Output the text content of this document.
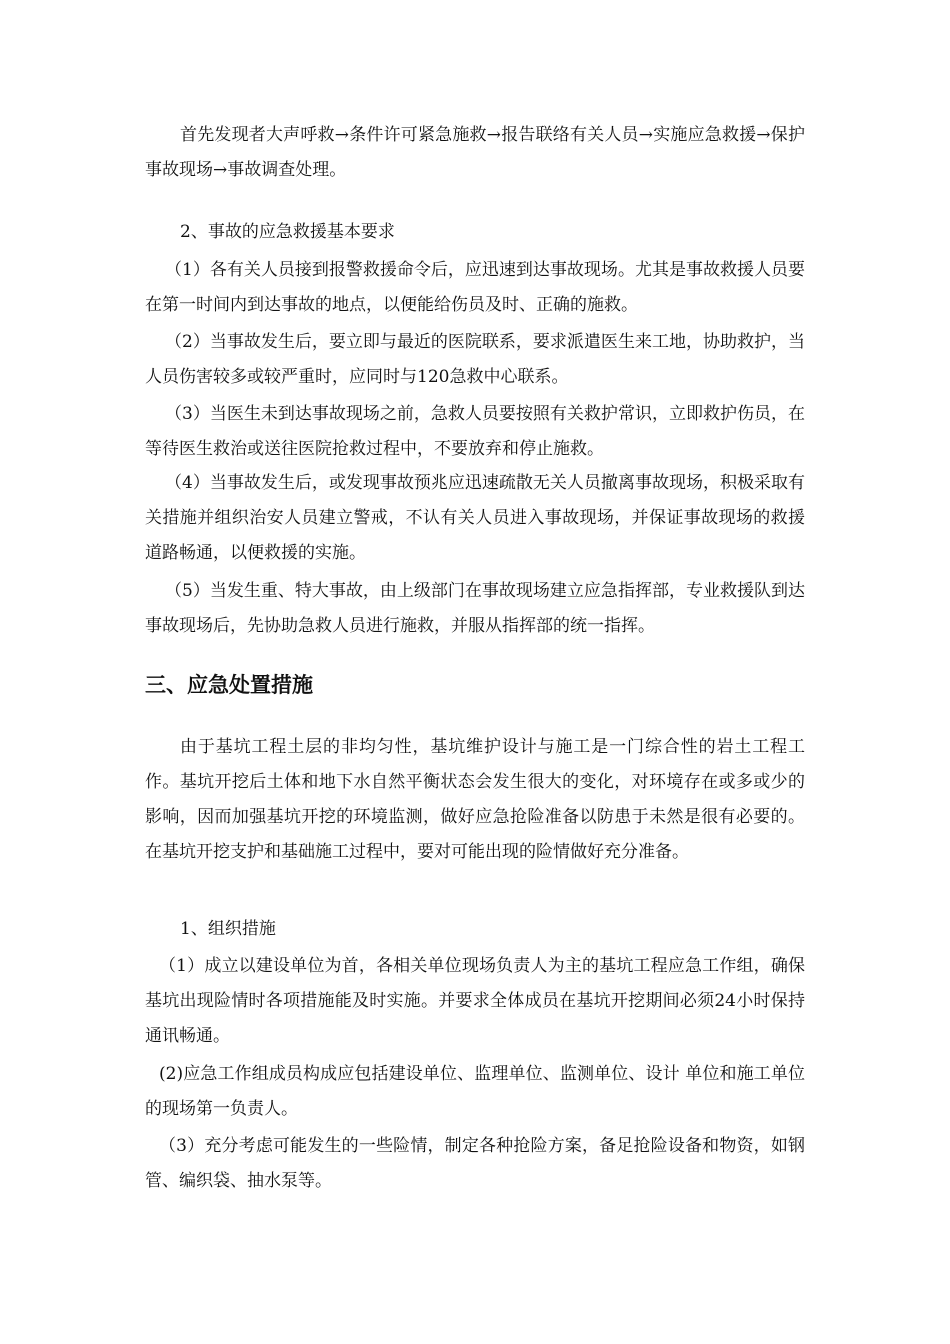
首先发现者大声呼救→条件许可紧急施救→报告联络有关人员→实施应急救援→保护事故现场→事故调查处理。

2、事故的应急救援基本要求

（1）各有关人员接到报警救援命令后，应迅速到达事故现场。尤其是事故救援人员要在第一时间内到达事故的地点，以便能给伤员及时、正确的施救。

（2）当事故发生后，要立即与最近的医院联系，要求派遣医生来工地，协助救护，当人员伤害较多或较严重时，应同时与120急救中心联系。

（3）当医生未到达事故现场之前，急救人员要按照有关救护常识，立即救护伤员，在等待医生救治或送往医院抢救过程中，不要放弃和停止施救。

（4）当事故发生后，或发现事故预兆应迅速疏散无关人员撤离事故现场，积极采取有关措施并组织治安人员建立警戒，不认有关人员进入事故现场，并保证事故现场的救援道路畅通，以便救援的实施。

（5）当发生重、特大事故，由上级部门在事故现场建立应急指挥部，专业救援队到达事故现场后，先协助急救人员进行施救，并服从指挥部的统一指挥。

三、应急处置措施

由于基坑工程土层的非均匀性，基坑维护设计与施工是一门综合性的岩土工程工作。基坑开挖后土体和地下水自然平衡状态会发生很大的变化，对环境存在或多或少的影响，因而加强基坑开挖的环境监测，做好应急抢险准备以防患于未然是很有必要的。在基坑开挖支护和基础施工过程中，要对可能出现的险情做好充分准备。

1、组织措施

（1）成立以建设单位为首，各相关单位现场负责人为主的基坑工程应急工作组，确保基坑出现险情时各项措施能及时实施。并要求全体成员在基坑开挖期间必须24小时保持通讯畅通。

(2)应急工作组成员构成应包括建设单位、监理单位、监测单位、设计 单位和施工单位的现场第一负责人。

（3）充分考虑可能发生的一些险情，制定各种抢险方案，备足抢险设备和物资，如钢管、编织袋、抽水泵等。
